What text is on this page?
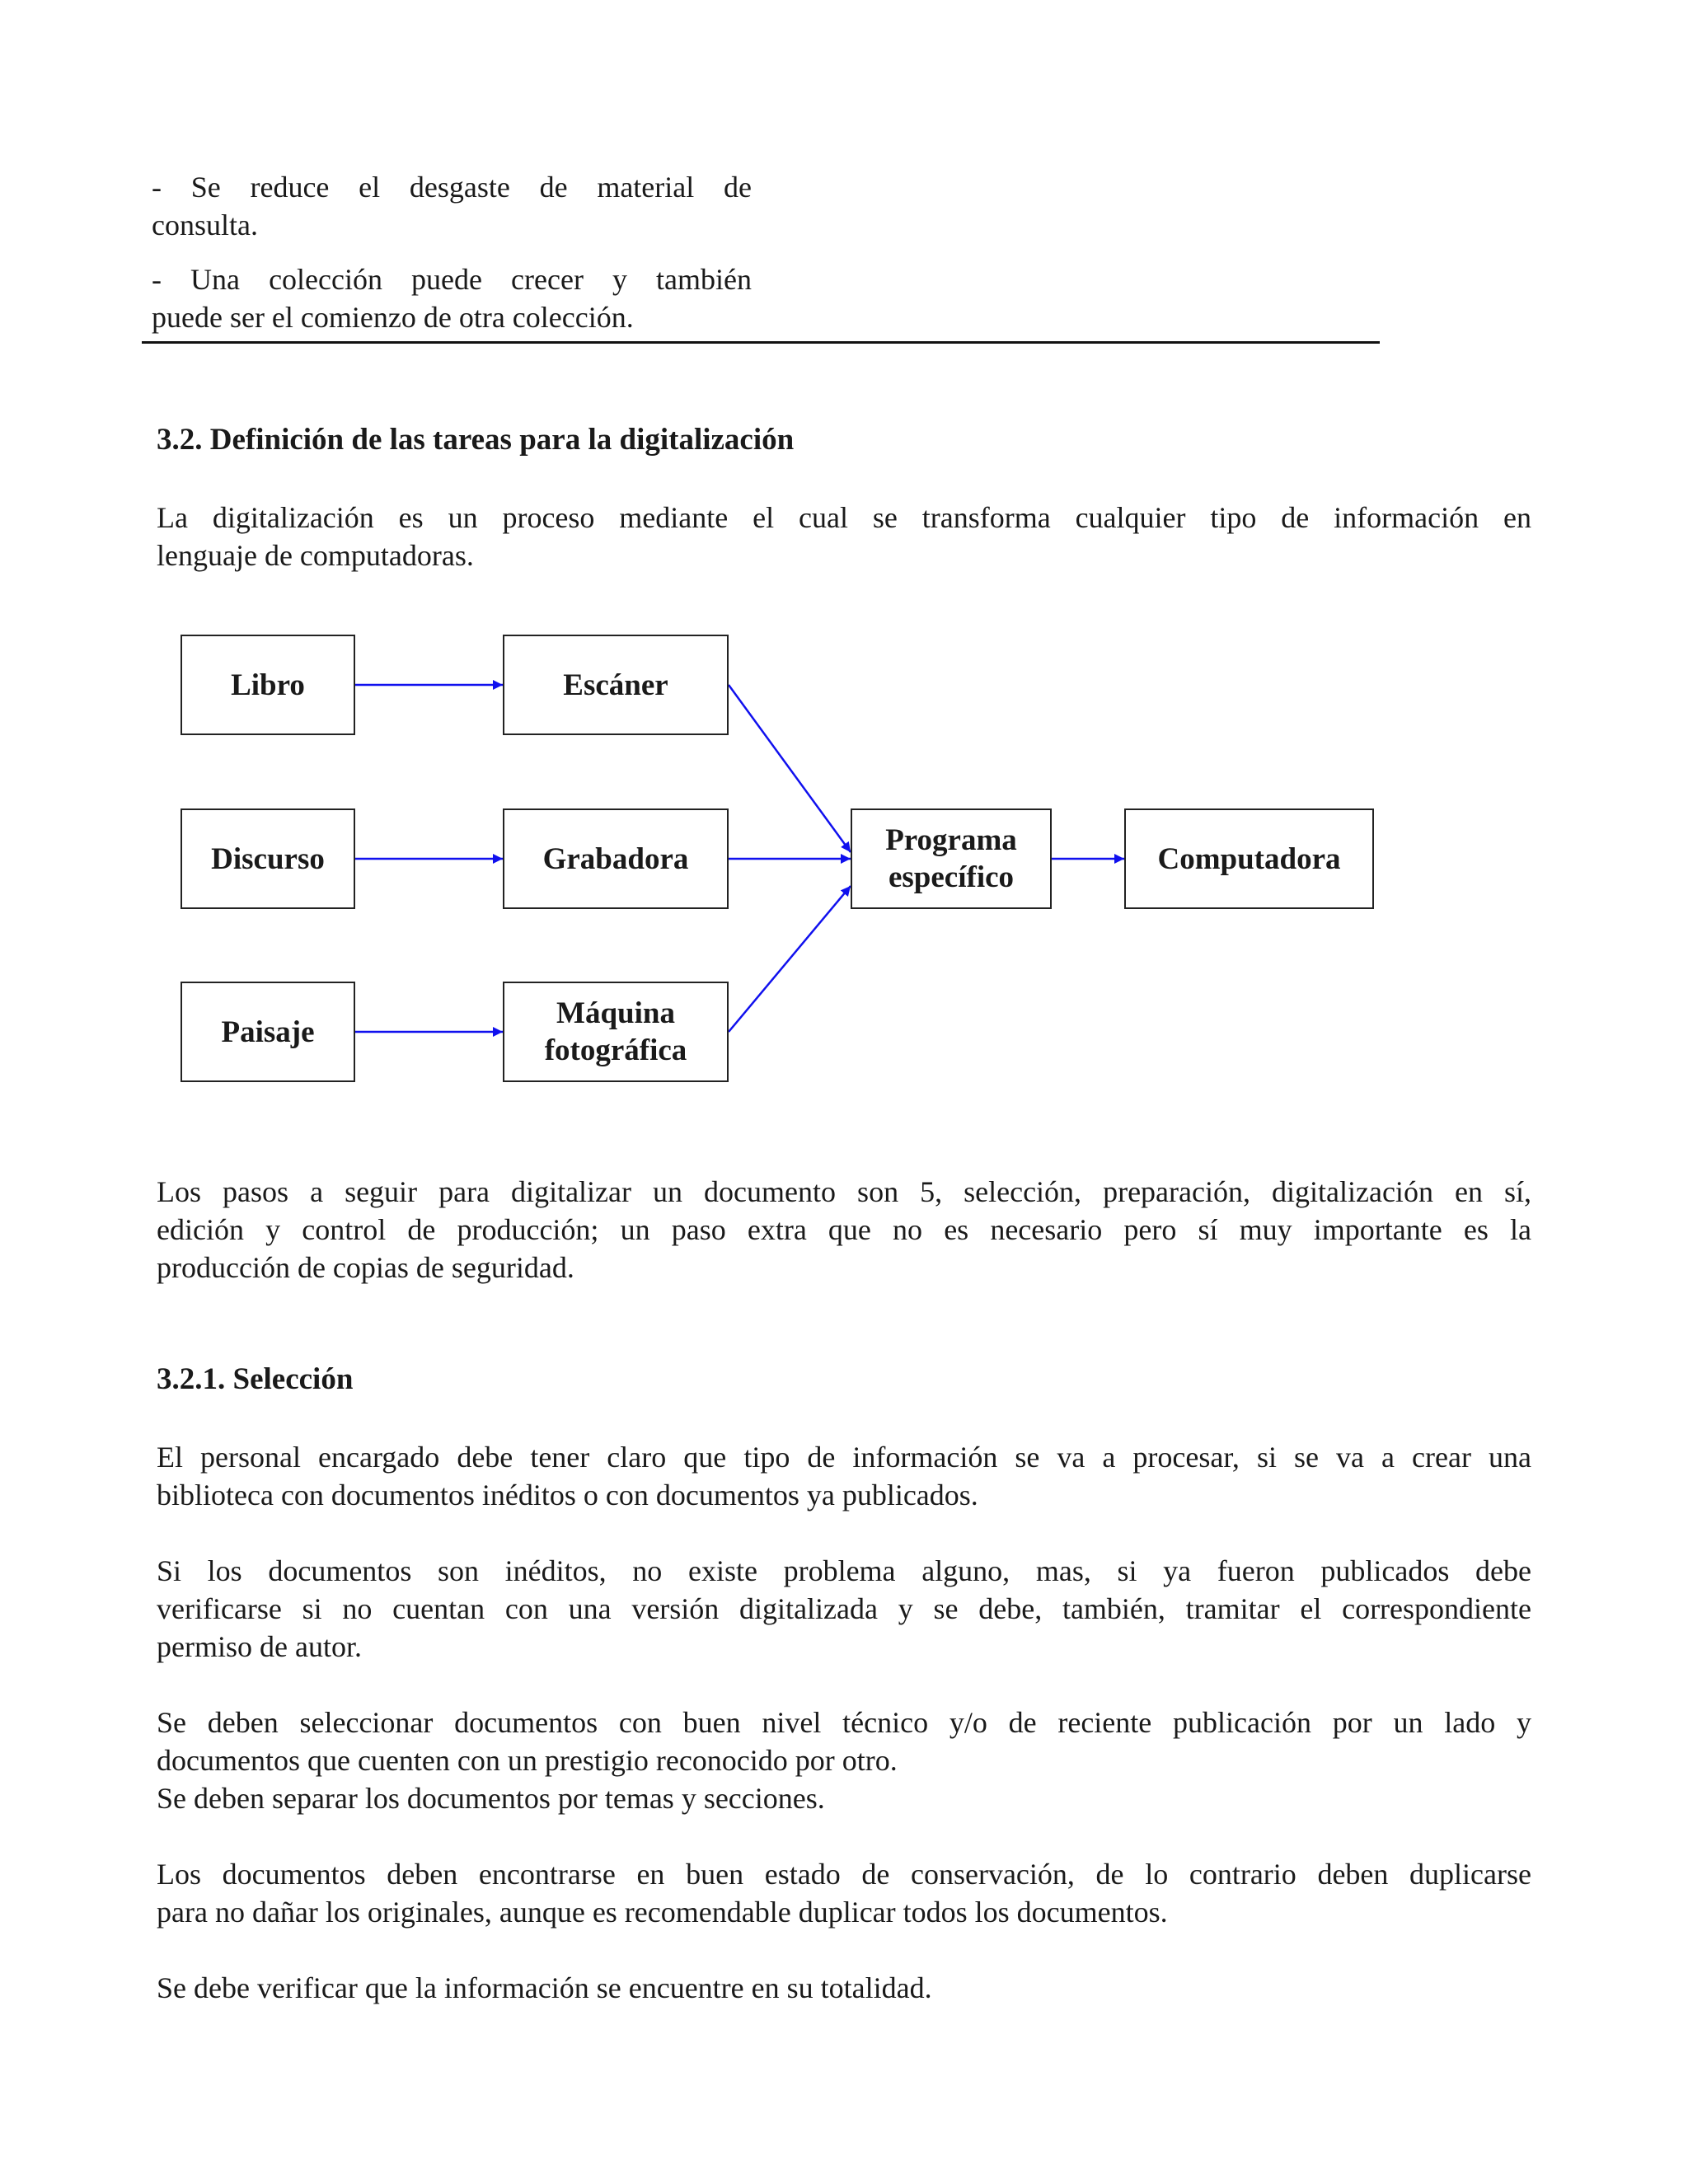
- Se reduce el desgaste de material de
consulta.
- Una colección puede crecer y también
puede ser el comienzo de otra colección.
3.2. Definición de las tareas para la digitalización
La digitalización es un proceso mediante el cual se transforma cualquier tipo de información en
lenguaje de computadoras.
Libro
Discurso
Paisaje
Escáner
Grabadora
Máquina
fotográfica
Programa
específico
Computadora
Los pasos a seguir para digitalizar un documento son 5, selección, preparación, digitalización en sí,
edición y control de producción; un paso extra que no es necesario pero sí muy importante es la
producción de copias de seguridad.
3.2.1. Selección
El personal encargado debe tener claro que tipo de información se va a procesar, si se va a crear una
biblioteca con documentos inéditos o con documentos ya publicados.
Si los documentos son inéditos, no existe problema alguno, mas, si ya fueron publicados debe
verificarse si no cuentan con una versión digitalizada y se debe, también, tramitar el correspondiente
permiso de autor.
Se deben seleccionar documentos con buen nivel técnico y/o de reciente publicación por un lado y
documentos que cuenten con un prestigio reconocido por otro.
Se deben separar los documentos por temas y secciones.
Los documentos deben encontrarse en buen estado de conservación, de lo contrario deben duplicarse
para no dañar los originales, aunque es recomendable duplicar todos los documentos.
Se debe verificar que la información se encuentre en su totalidad.
